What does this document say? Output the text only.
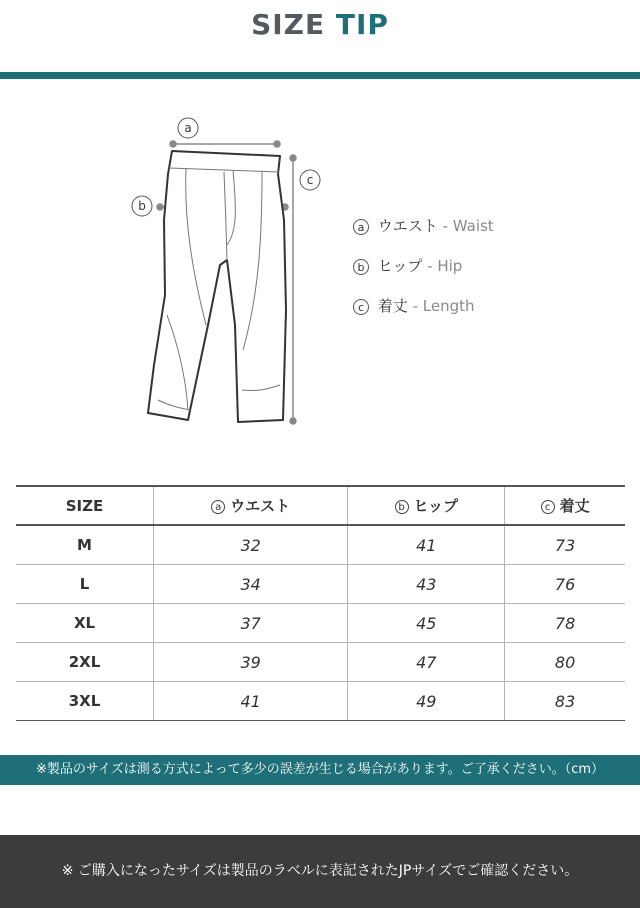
SIZE TIP
a
b
c
a ウエスト - Waist
b ヒップ - Hip
c 着丈 - Length
SIZE	a ウエスト	b ヒップ	c 着丈
M	32	41	73
L	34	43	76
XL	37	45	78
2XL	39	47	80
3XL	41	49	83
※製品のサイズは測る方式によって多少の誤差が生じる場合があります。ご了承ください。（cm）
※ ご購入になったサイズは製品のラベルに表記されたJPサイズでご確認ください。
